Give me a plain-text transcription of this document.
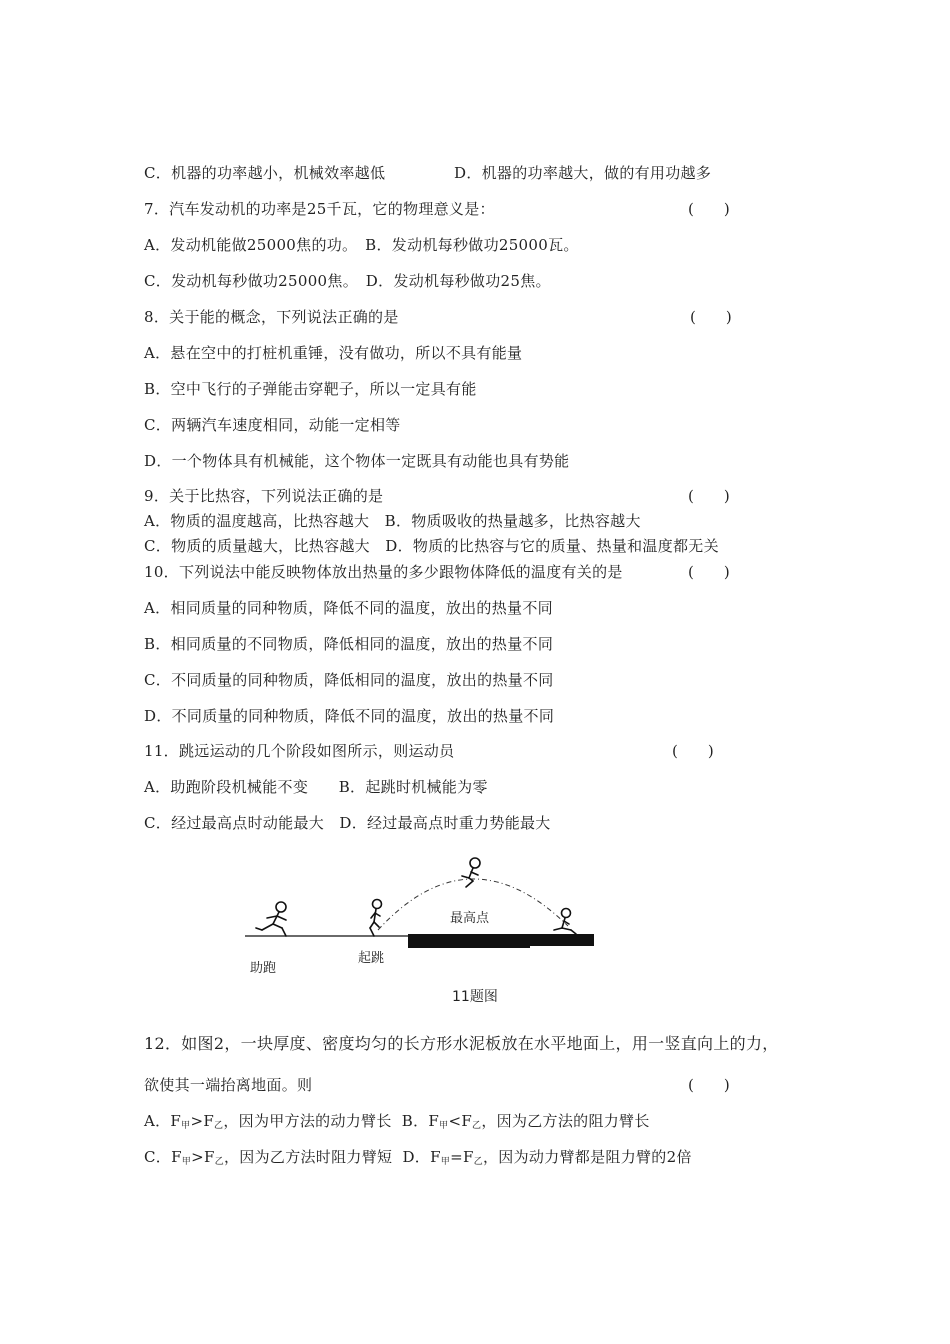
C．机器的功率越小，机械效率越低	D．机器的功率越大，做的有用功越多
7．汽车发动机的功率是25千瓦，它的物理意义是：	(　　)
A．发动机能做25000焦的功。　B．发动机每秒做功25000瓦。
C．发动机每秒做功25000焦。　D．发动机每秒做功25焦。
8．关于能的概念，下列说法正确的是	(　　)
A．悬在空中的打桩机重锤，没有做功，所以不具有能量
B．空中飞行的子弹能击穿靶子，所以一定具有能
C．两辆汽车速度相同，动能一定相等
D．一个物体具有机械能，这个物体一定既具有动能也具有势能
9．关于比热容，下列说法正确的是	(　　)
A．物质的温度越高，比热容越大　B．物质吸收的热量越多，比热容越大
C．物质的质量越大，比热容越大　D．物质的比热容与它的质量、热量和温度都无关
10．下列说法中能反映物体放出热量的多少跟物体降低的温度有关的是	(　　)
A．相同质量的同种物质，降低不同的温度，放出的热量不同
B．相同质量的不同物质，降低相同的温度，放出的热量不同
C．不同质量的同种物质，降低相同的温度，放出的热量不同
D．不同质量的同种物质，降低不同的温度，放出的热量不同
11．跳远运动的几个阶段如图所示，则运动员	(　　)
A．助跑阶段机械能不变　　B．起跳时机械能为零
C．经过最高点时动能最大　D．经过最高点时重力势能最大
助跑
起跳
最高点
11题图
12．如图2，一块厚度、密度均匀的长方形水泥板放在水平地面上，用一竖直向上的力，
欲使其一端抬离地面。则	(　　)
A．$F_甲>F_乙$，因为甲方法的动力臂长 B．$F_甲<F_乙$，因为乙方法的阻力臂长
C．$F_甲>F_乙$，因为乙方法时阻力臂短 D．$F_甲=F_乙$，因为动力臂都是阻力臂的2倍
